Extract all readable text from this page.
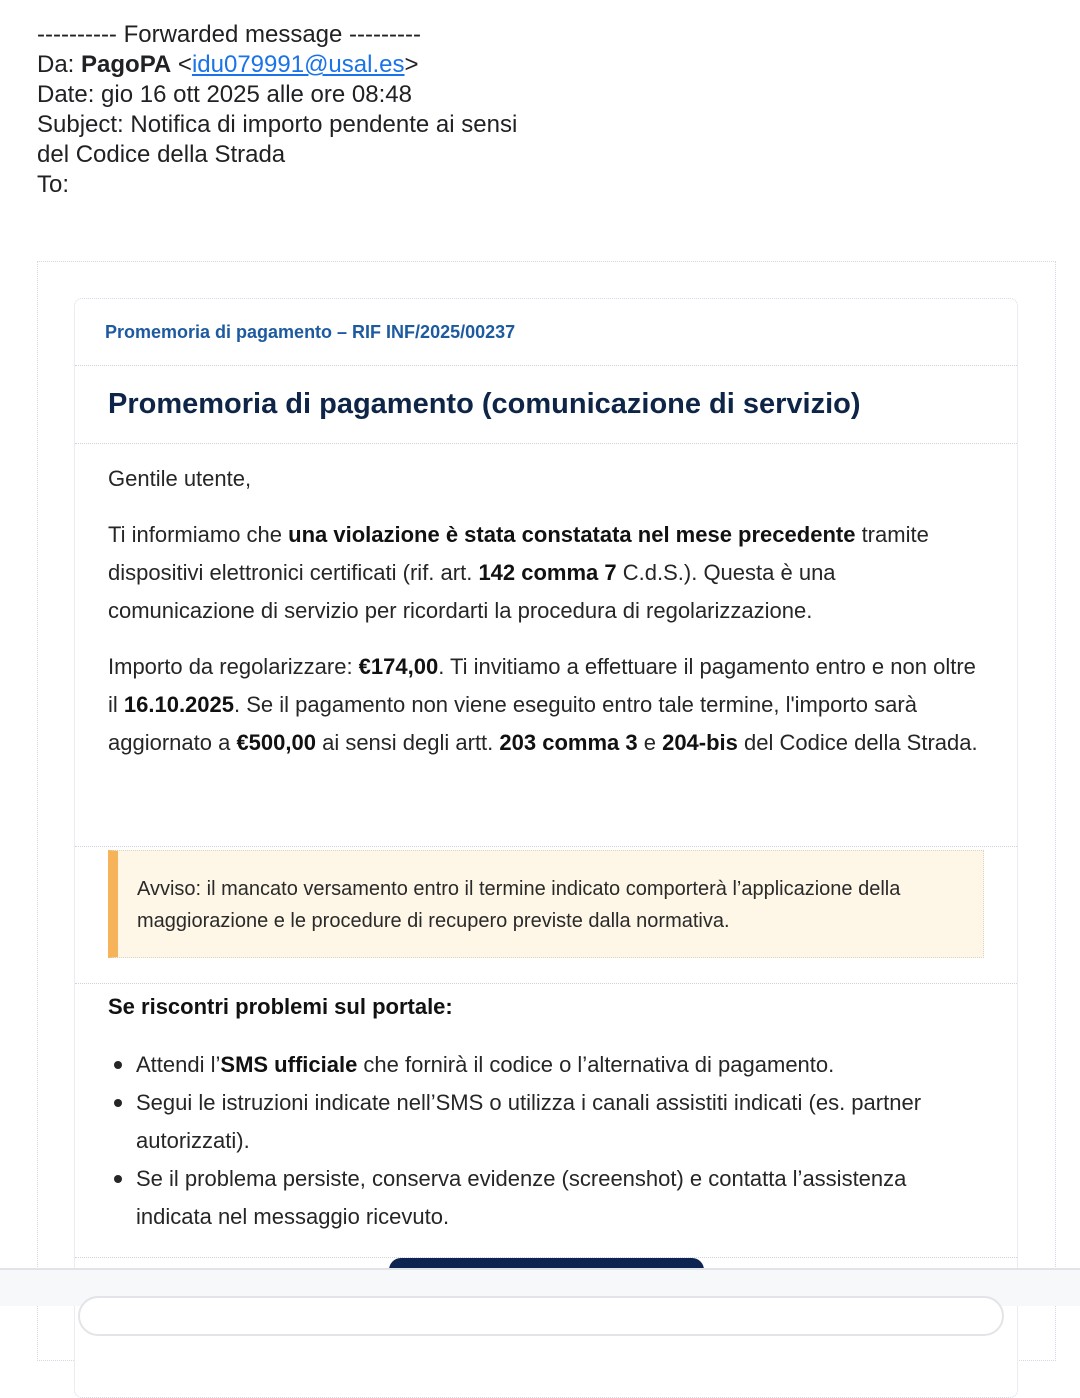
---------- Forwarded message ---------
Da: PagoPA <idu079991@usal.es>
Date: gio 16 ott 2025 alle ore 08:48
Subject: Notifica di importo pendente ai sensi
del Codice della Strada
To:
Promemoria di pagamento – RIF INF/2025/00237
Promemoria di pagamento (comunicazione di servizio)

Gentile utente,

Ti informiamo che una violazione è stata constatata nel mese precedente tramite dispositivi elettronici certificati (rif. art. 142 comma 7 C.d.S.). Questa è una comunicazione di servizio per ricordarti la procedura di regolarizzazione.

Importo da regolarizzare: €174,00. Ti invitiamo a effettuare il pagamento entro e non oltre il 16.10.2025. Se il pagamento non viene eseguito entro tale termine, l'importo sarà aggiornato a €500,00 ai sensi degli artt. 203 comma 3 e 204-bis del Codice della Strada.

Avviso: il mancato versamento entro il termine indicato comporterà l’applicazione della maggiorazione e le procedure di recupero previste dalla normativa.
Se riscontri problemi sul portale:
Attendi l’SMS ufficiale che fornirà il codice o l’alternativa di pagamento.
Segui le istruzioni indicate nell’SMS o utilizza i canali assistiti indicati (es. partner autorizzati).
Se il problema persiste, conserva evidenze (screenshot) e contatta l’assistenza indicata nel messaggio ricevuto.
